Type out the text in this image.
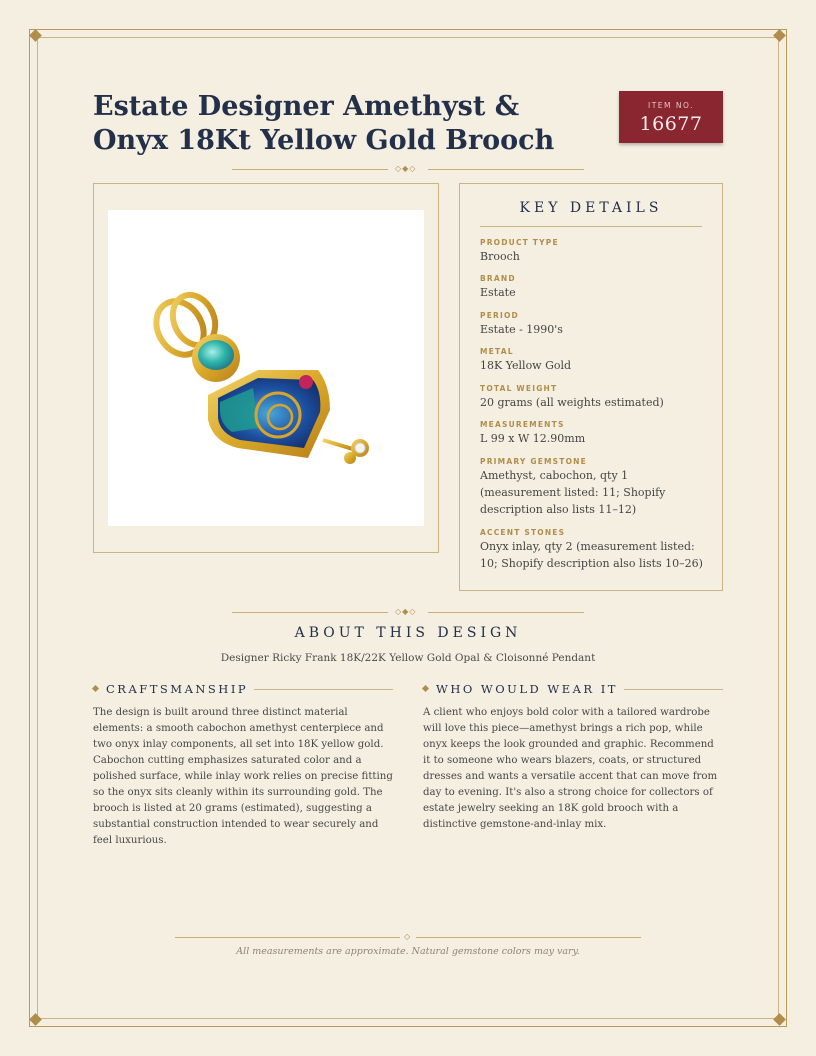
Estate Designer Amethyst & Onyx 18Kt Yellow Gold Brooch
ITEM NO.
16677
◇◆◇
KEY DETAILS
PRODUCT TYPE
Brooch
BRAND
Estate
PERIOD
Estate - 1990's
METAL
18K Yellow Gold
TOTAL WEIGHT
20 grams (all weights estimated)
MEASUREMENTS
L 99 x W 12.90mm
PRIMARY GEMSTONE
Amethyst, cabochon, qty 1 (measurement listed: 11; Shopify description also lists 11–12)
ACCENT STONES
Onyx inlay, qty 2 (measurement listed: 10; Shopify description also lists 10–26)
◇◆◇
ABOUT THIS DESIGN
Designer Ricky Frank 18K/22K Yellow Gold Opal & Cloisonné Pendant
CRAFTSMANSHIP

The design is built around three distinct material elements: a smooth cabochon amethyst centerpiece and two onyx inlay components, all set into 18K yellow gold. Cabochon cutting emphasizes saturated color and a polished surface, while inlay work relies on precise fitting so the onyx sits cleanly within its surrounding gold. The brooch is listed at 20 grams (estimated), suggesting a substantial construction intended to wear securely and feel luxurious.

WHO WOULD WEAR IT

A client who enjoys bold color with a tailored wardrobe will love this piece—amethyst brings a rich pop, while onyx keeps the look grounded and graphic. Recommend it to someone who wears blazers, coats, or structured dresses and wants a versatile accent that can move from day to evening. It's also a strong choice for collectors of estate jewelry seeking an 18K gold brooch with a distinctive gemstone-and-inlay mix.

◇
All measurements are approximate. Natural gemstone colors may vary.
